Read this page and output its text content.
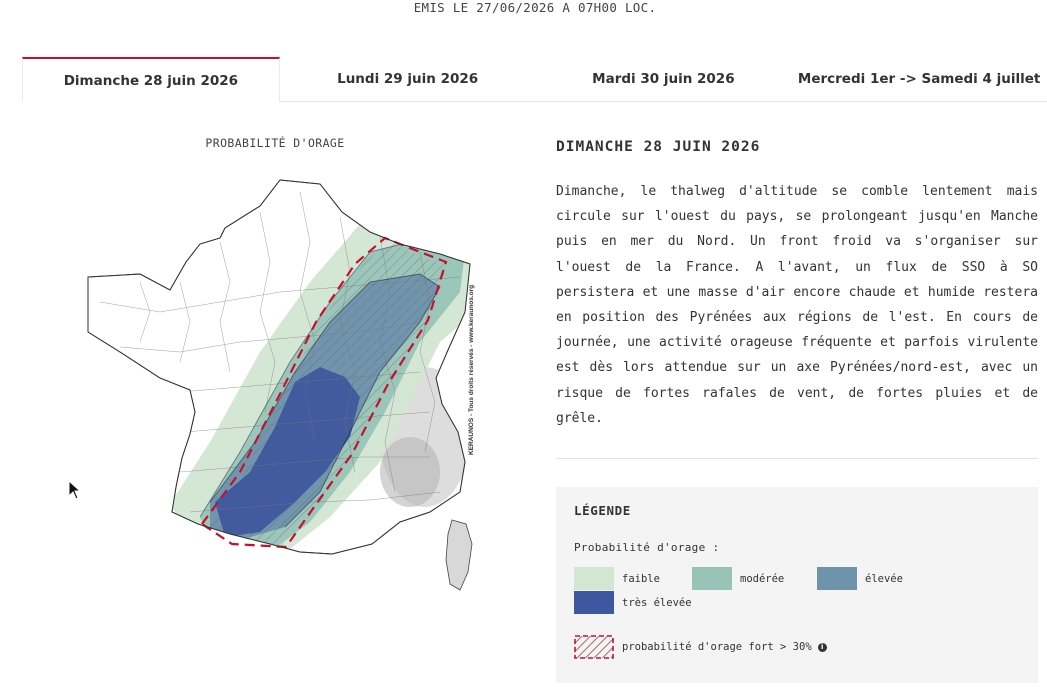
EMIS LE 27/06/2026 A 07H00 LOC.
Dimanche 28 juin 2026	Lundi 29 juin 2026	Mardi 30 juin 2026	Mercredi 1er -> Samedi 4 juillet
PROBABILITÉ D'ORAGE
KERAUNOS - Tous droits réservés - www.keraunos.org
DIMANCHE 28 JUIN 2026
Dimanche, le thalweg d'altitude se comble lentement mais circule sur l'ouest du pays, se prolongeant jusqu'en Manche puis en mer du Nord. Un front froid va s'organiser sur l'ouest de la France. A l'avant, un flux de SSO à SO persistera et une masse d'air encore chaude et humide restera en position des Pyrénées aux régions de l'est. En cours de journée, une activité orageuse fréquente et parfois virulente est dès lors attendue sur un axe Pyrénées/nord-est, avec un risque de fortes rafales de vent, de fortes pluies et de grêle.
LÉGENDE
Probabilité d'orage :
faible	modérée	élevée
très élevée
probabilité d'orage fort > 30%	i
